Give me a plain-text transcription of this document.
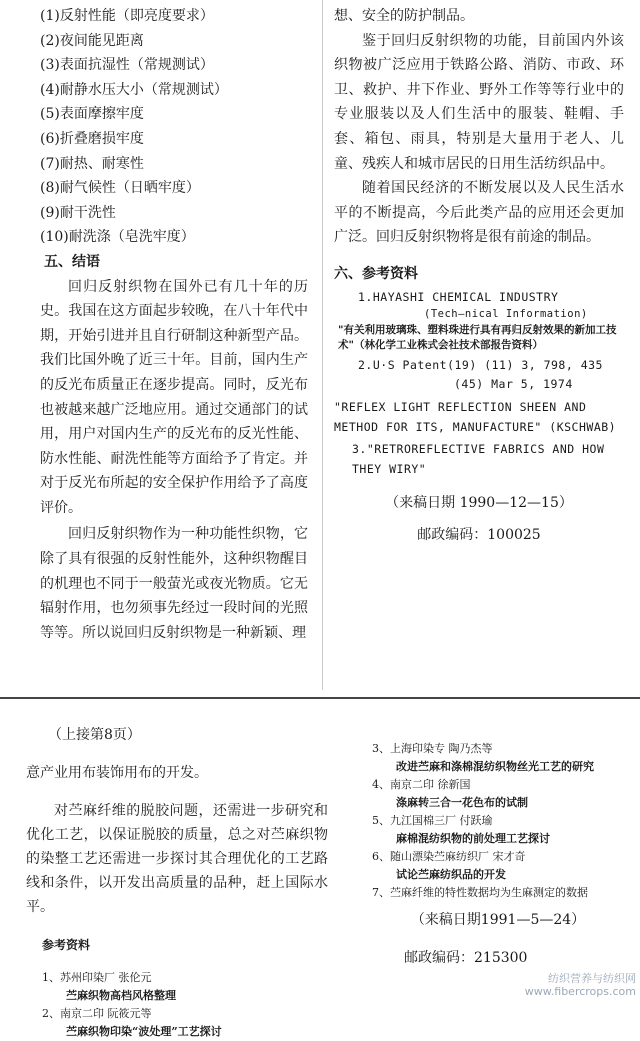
(1)反射性能（即亮度要求）
(2)夜间能见距离
(3)表面抗湿性（常规测试）
(4)耐静水压大小（常规测试）
(5)表面摩擦牢度
(6)折叠磨损牢度
(7)耐热、耐寒性
(8)耐气候性（日晒牢度）
(9)耐干洗性
(10)耐洗涤（皂洗牢度）

五、结语

回归反射织物在国外已有几十年的历史。我国在这方面起步较晚，在八十年代中期，开始引进并且自行研制这种新型产品。我们比国外晚了近三十年。目前，国内生产的反光布质量正在逐步提高。同时，反光布也被越来越广泛地应用。通过交通部门的试用，用户对国内生产的反光布的反光性能、防水性能、耐洗性能等方面给予了肯定。并对于反光布所起的安全保护作用给予了高度评价。

回归反射织物作为一种功能性织物，它除了具有很强的反射性能外，这种织物醒目的机理也不同于一般萤光或夜光物质。它无辐射作用，也勿须事先经过一段时间的光照等等。所以说回归反射织物是一种新颖、理

想、安全的防护制品。

鉴于回归反射织物的功能，目前国内外该织物被广泛应用于铁路公路、消防、市政、环卫、救护、井下作业、野外工作等等行业中的专业服装以及人们生活中的服装、鞋帽、手套、箱包、雨具，特别是大量用于老人、儿童、残疾人和城市居民的日用生活纺织品中。

随着国民经济的不断发展以及人民生活水平的不断提高，今后此类产品的应用还会更加广泛。回归反射织物将是很有前途的制品。

六、参考资料

1.HAYASHI CHEMICAL INDUSTRY
(Tech—nical Information)
"有关利用玻璃珠、塑料珠进行具有再归反射效果的新加工技术"（林化学工业株式会社技术部报告资料）
2.U·S Patent(19) (11) 3, 798, 435
(45) Mar 5, 1974
"REFLEX LIGHT REFLECTION SHEEN AND METHOD FOR ITS, MANUFACTURE" (KSCHWAB)
3."RETROREFLECTIVE FABRICS AND HOW THEY WIRY"

（来稿日期 1990—12—15）

邮政编码：100025

（上接第8页）

意产业用布装饰用布的开发。

对苎麻纤维的脱胶问题，还需进一步研究和优化工艺，以保证脱胶的质量，总之对苎麻织物的染整工艺还需进一步探讨其合理优化的工艺路线和条件，以开发出高质量的品种，赶上国际水平。

参考资料

1、苏州印染厂 张伦元
苎麻织物高档风格整理
2、南京二印 阮筱元等
苎麻织物印染“波处理”工艺探讨
3、上海印染专 陶乃杰等
改进苎麻和涤棉混纺织物丝光工艺的研究
4、南京二印 徐新国
涤麻转三合一花色布的试制
5、九江国棉三厂 付跃瑜
麻棉混纺织物的前处理工艺探讨
6、随山漂染苎麻纺织厂 宋才奇
试论苎麻纺织品的开发
7、苎麻纤维的特性数据均为生麻测定的数据

（来稿日期1991—5—24）

邮政编码：215300

纺织营养与纺织网
www.fibercrops.com
